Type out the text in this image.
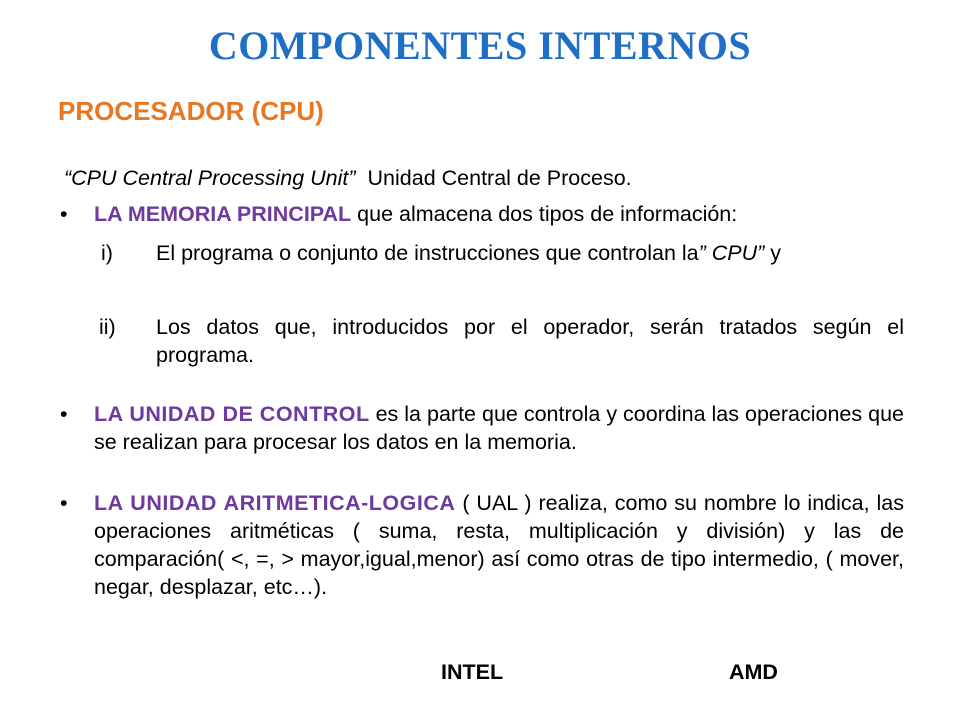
COMPONENTES INTERNOS
PROCESADOR (CPU)
“CPU Central Processing Unit” Unidad Central de Proceso.
• LA MEMORIA PRINCIPAL que almacena dos tipos de información:
i) El programa o conjunto de instrucciones que controlan la” CPU” y
ii) Los datos que, introducidos por el operador, serán tratados según el programa.
• LA UNIDAD DE CONTROL es la parte que controla y coordina las operaciones que se realizan para procesar los datos en la memoria.
• LA UNIDAD ARITMETICA-LOGICA ( UAL ) realiza, como su nombre lo indica, las operaciones aritméticas ( suma, resta, multiplicación y división) y las de comparación( <, =, > mayor,igual,menor) así como otras de tipo intermedio, ( mover, negar, desplazar, etc…).
INTEL	AMD
